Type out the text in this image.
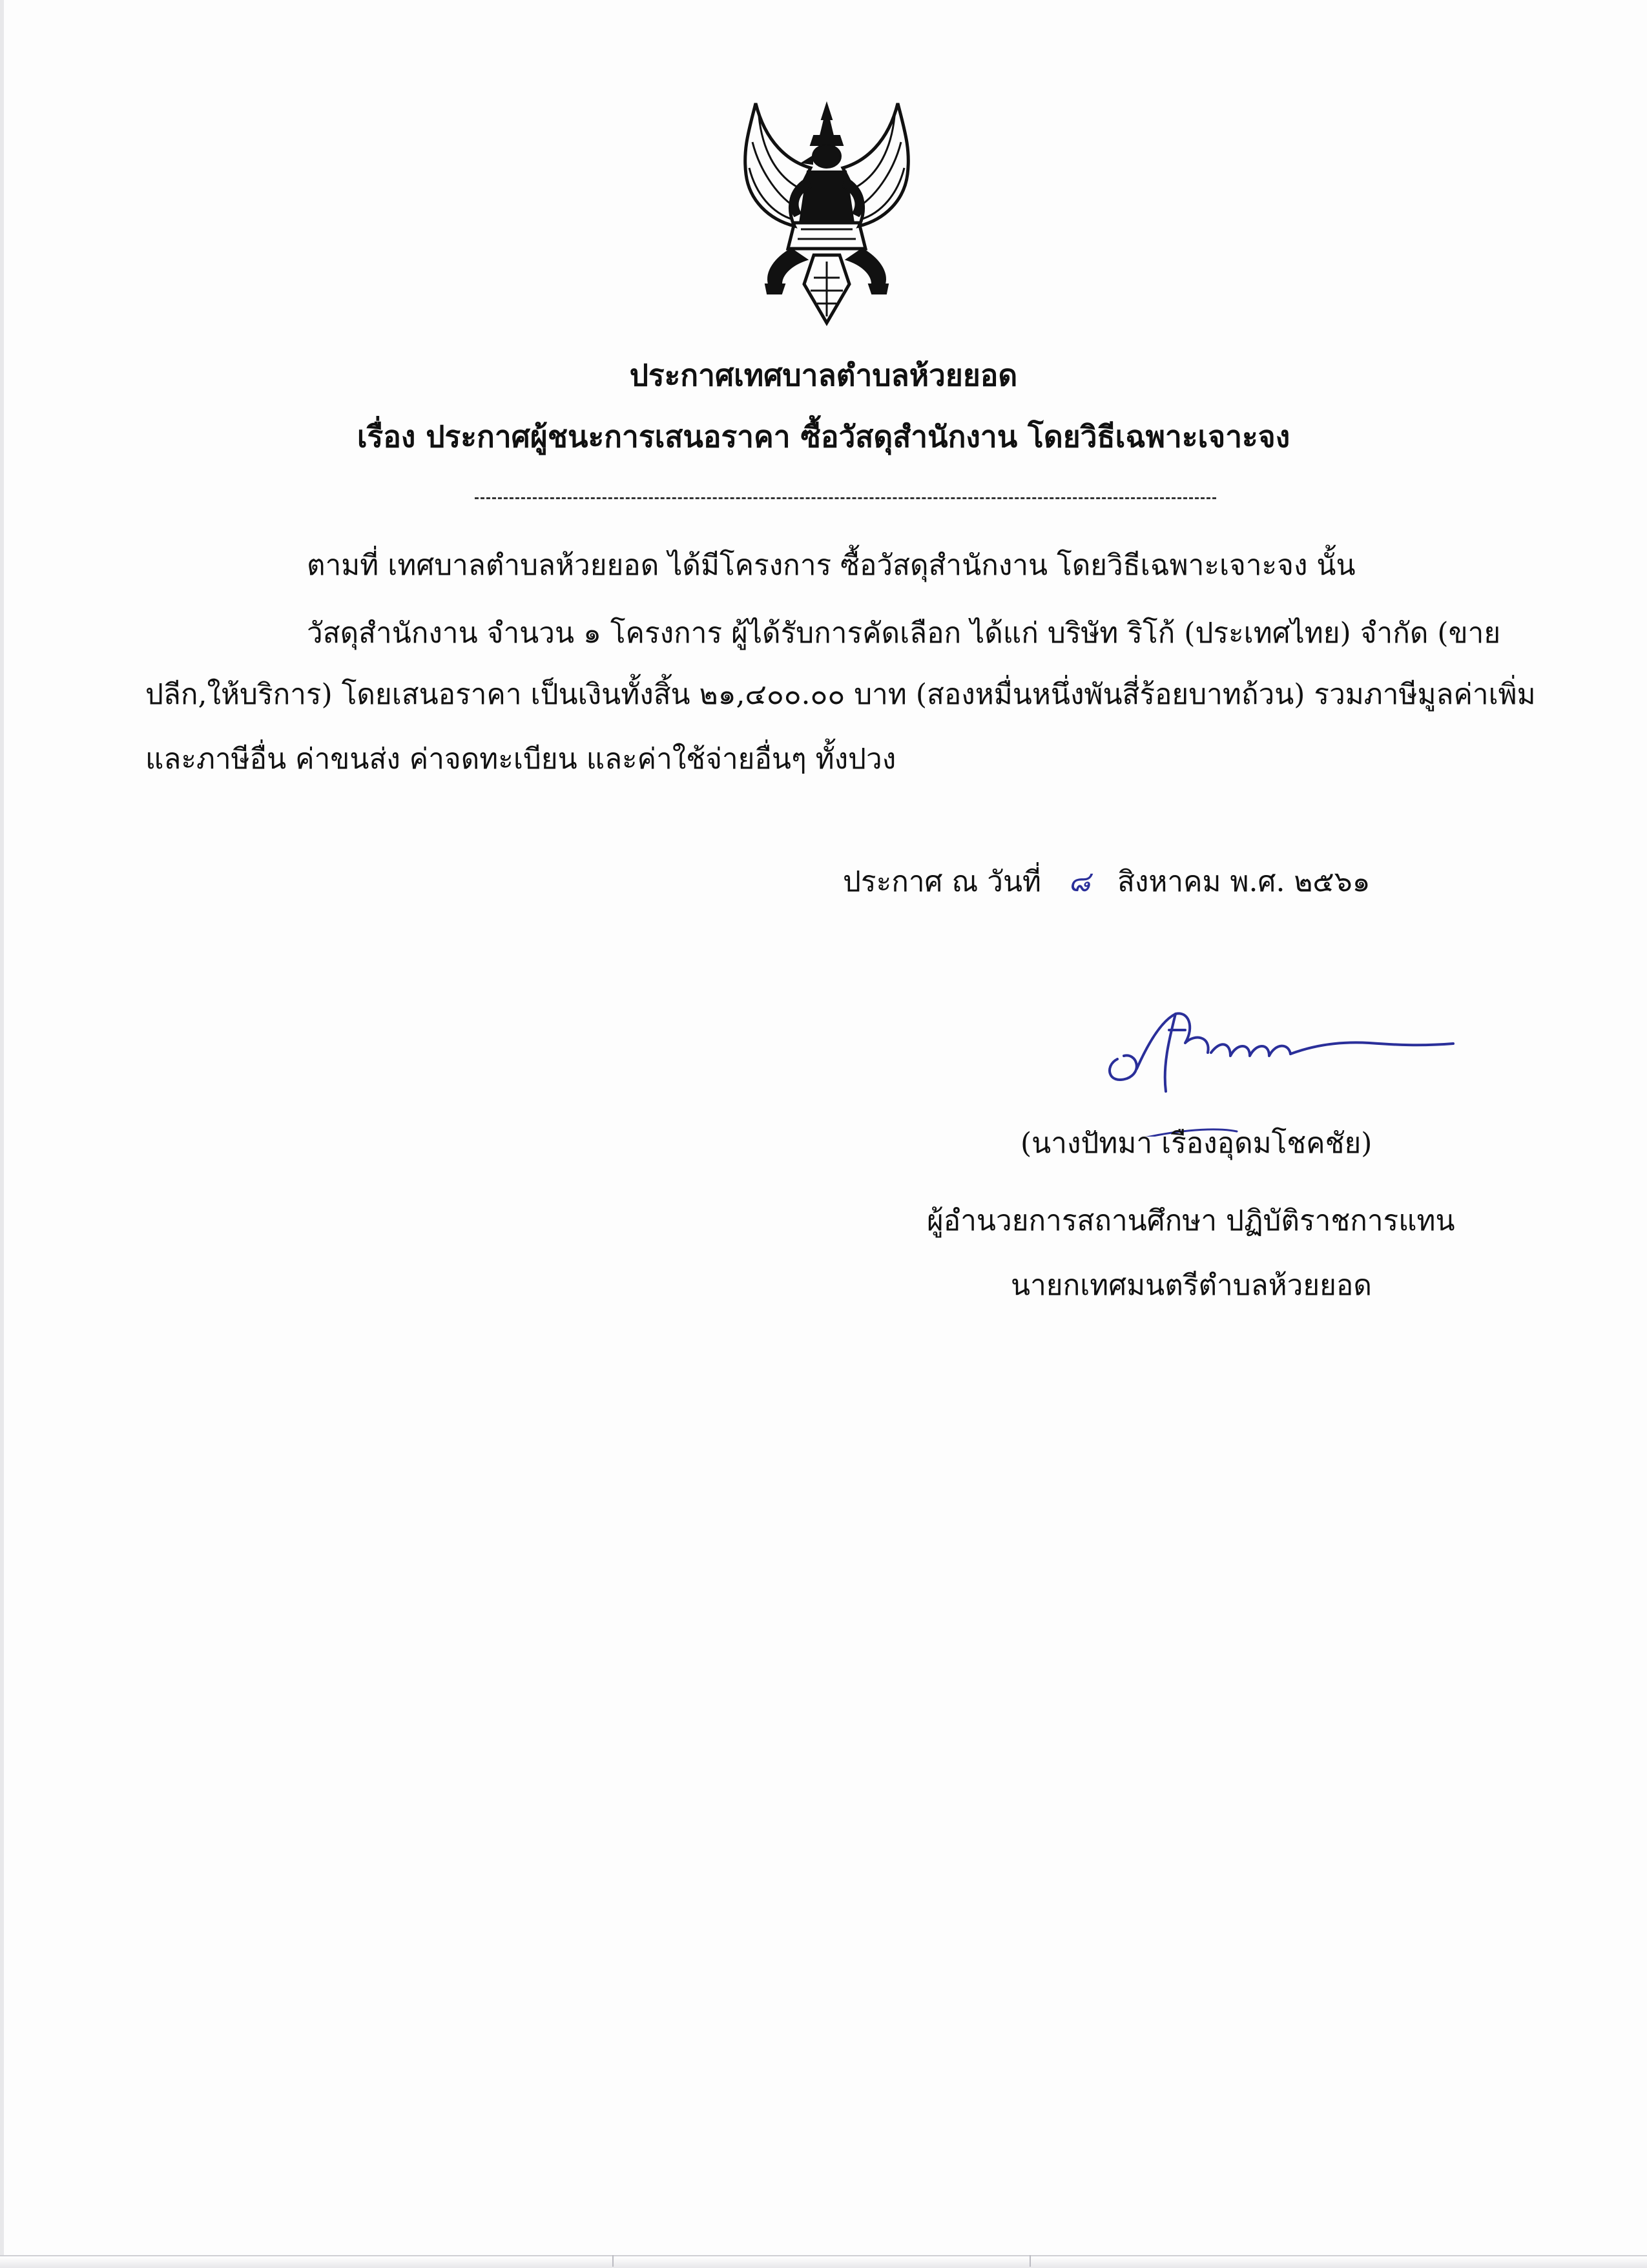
ประกาศเทศบาลตำบลห้วยยอด
เรื่อง ประกาศผู้ชนะการเสนอราคา ซื้อวัสดุสำนักงาน โดยวิธีเฉพาะเจาะจง
ตามที่ เทศบาลตำบลห้วยยอด ได้มีโครงการ ซื้อวัสดุสำนักงาน โดยวิธีเฉพาะเจาะจง นั้น
วัสดุสำนักงาน จำนวน ๑ โครงการ ผู้ได้รับการคัดเลือก ได้แก่ บริษัท ริโก้ (ประเทศไทย) จำกัด (ขาย
ปลีก,ให้บริการ) โดยเสนอราคา เป็นเงินทั้งสิ้น ๒๑,๔๐๐.๐๐ บาท (สองหมื่นหนึ่งพันสี่ร้อยบาทถ้วน) รวมภาษีมูลค่าเพิ่ม
และภาษีอื่น ค่าขนส่ง ค่าจดทะเบียน และค่าใช้จ่ายอื่นๆ ทั้งปวง
ประกาศ ณ วันที่ ๘ สิงหาคม พ.ศ. ๒๕๖๑
(นางปัทมา เรืองอุดมโชคชัย)
ผู้อำนวยการสถานศึกษา ปฏิบัติราชการแทน
นายกเทศมนตรีตำบลห้วยยอด
